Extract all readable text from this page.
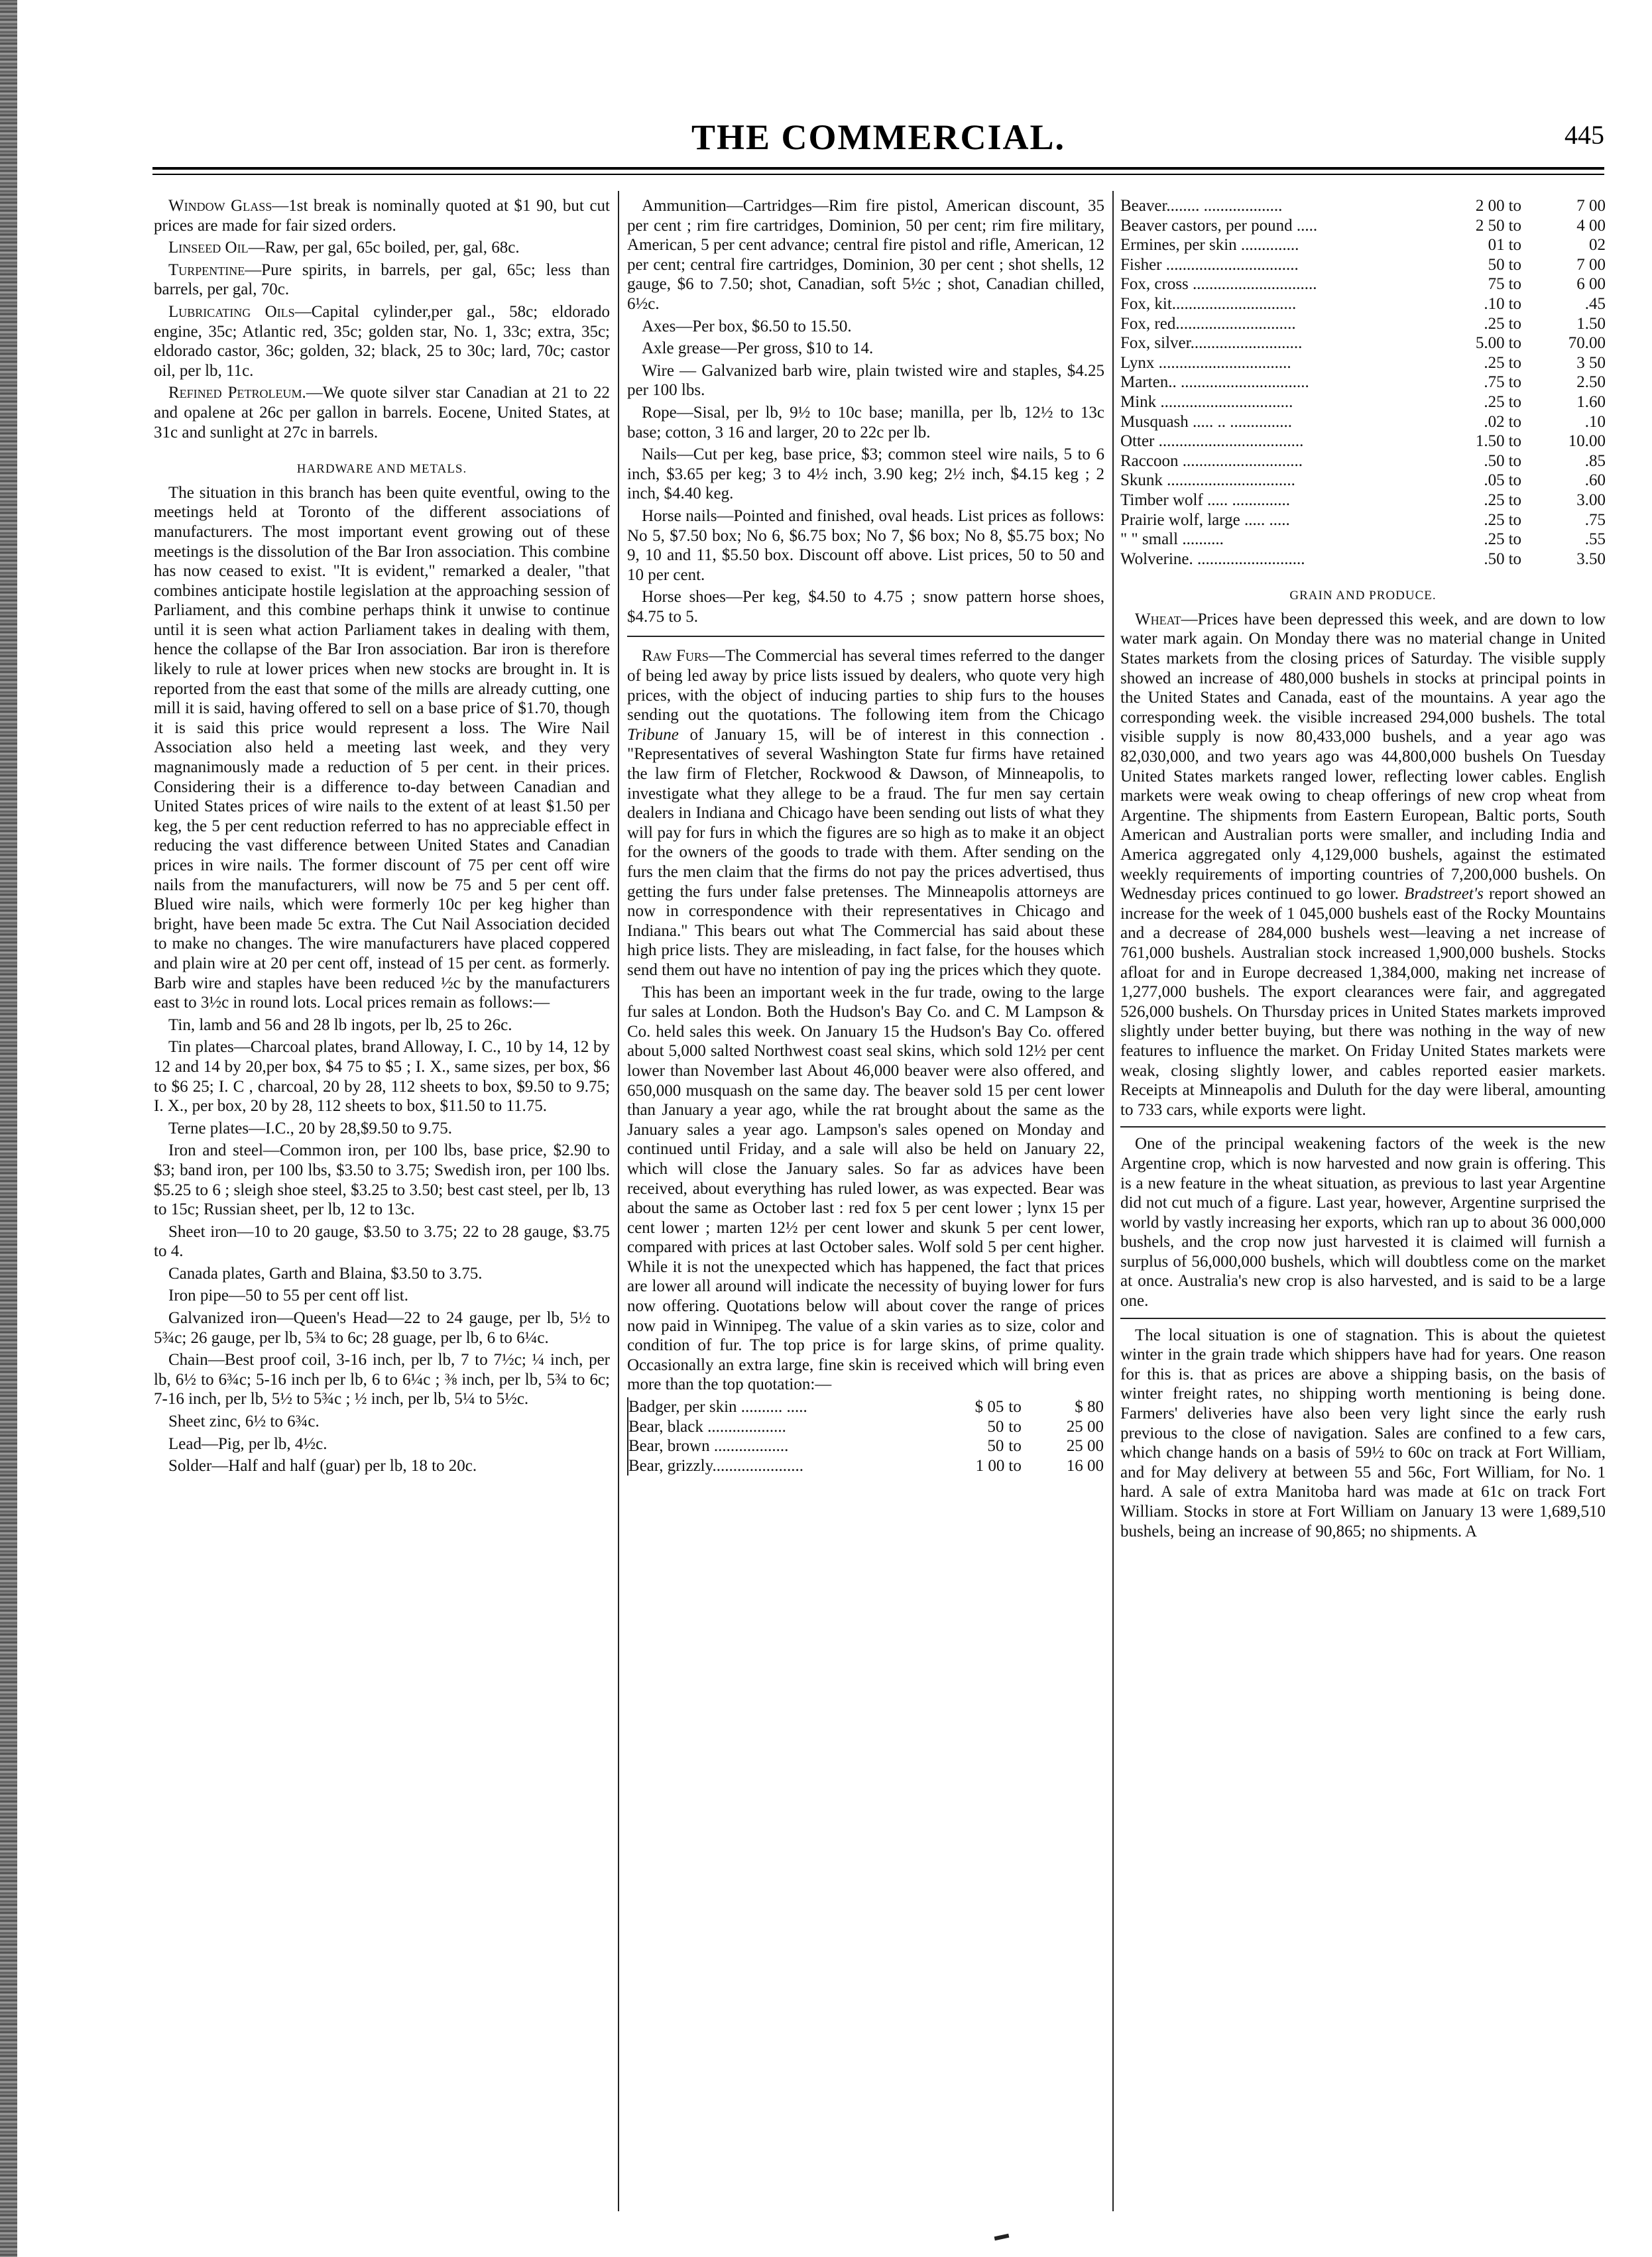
THE COMMERCIAL.	445

Window Glass—1st break is nominally quoted at $1 90, but cut prices are made for fair sized orders.

Linseed Oil—Raw, per gal, 65c boiled, per, gal, 68c.

Turpentine—Pure spirits, in barrels, per gal, 65c; less than barrels, per gal, 70c.

Lubricating Oils—Capital cylinder,per gal., 58c; eldorado engine, 35c; Atlantic red, 35c; golden star, No. 1, 33c; extra, 35c; eldorado castor, 36c; golden, 32; black, 25 to 30c; lard, 70c; castor oil, per lb, 11c.

Refined Petroleum.—We quote silver star Canadian at 21 to 22 and opalene at 26c per gallon in barrels. Eocene, United States, at 31c and sunlight at 27c in barrels.

HARDWARE AND METALS.

The situation in this branch has been quite eventful, owing to the meetings held at Toronto of the different associations of manufacturers. The most important event growing out of these meetings is the dissolution of the Bar Iron association. This combine has now ceased to exist. "It is evident," remarked a dealer, "that combines anticipate hostile legislation at the approaching session of Parliament, and this combine perhaps think it unwise to continue until it is seen what action Parliament takes in dealing with them, hence the collapse of the Bar Iron association. Bar iron is therefore likely to rule at lower prices when new stocks are brought in. It is reported from the east that some of the mills are already cutting, one mill it is said, having offered to sell on a base price of $1.70, though it is said this price would represent a loss. The Wire Nail Association also held a meeting last week, and they very magnanimously made a reduction of 5 per cent. in their prices. Considering their is a difference to-day between Canadian and United States prices of wire nails to the extent of at least $1.50 per keg, the 5 per cent reduction referred to has no appreciable effect in reducing the vast difference between United States and Canadian prices in wire nails. The former discount of 75 per cent off wire nails from the manufacturers, will now be 75 and 5 per cent off. Blued wire nails, which were formerly 10c per keg higher than bright, have been made 5c extra. The Cut Nail Association decided to make no changes. The wire manufacturers have placed coppered and plain wire at 20 per cent off, instead of 15 per cent. as formerly. Barb wire and staples have been reduced ½c by the manufacturers east to 3½c in round lots. Local prices remain as follows:—

Tin, lamb and 56 and 28 lb ingots, per lb, 25 to 26c.

Tin plates—Charcoal plates, brand Alloway, I. C., 10 by 14, 12 by 12 and 14 by 20,per box, $4 75 to $5 ; I. X., same sizes, per box, $6 to $6 25; I. C , charcoal, 20 by 28, 112 sheets to box, $9.50 to 9.75; I. X., per box, 20 by 28, 112 sheets to box, $11.50 to 11.75.

Terne plates—I.C., 20 by 28,$9.50 to 9.75.

Iron and steel—Common iron, per 100 lbs, base price, $2.90 to $3; band iron, per 100 lbs, $3.50 to 3.75; Swedish iron, per 100 lbs. $5.25 to 6 ; sleigh shoe steel, $3.25 to 3.50; best cast steel, per lb, 13 to 15c; Russian sheet, per lb, 12 to 13c.

Sheet iron—10 to 20 gauge, $3.50 to 3.75; 22 to 28 gauge, $3.75 to 4.

Canada plates, Garth and Blaina, $3.50 to 3.75.

Iron pipe—50 to 55 per cent off list.

Galvanized iron—Queen's Head—22 to 24 gauge, per lb, 5½ to 5¾c; 26 gauge, per lb, 5¾ to 6c; 28 guage, per lb, 6 to 6¼c.

Chain—Best proof coil, 3-16 inch, per lb, 7 to 7½c; ¼ inch, per lb, 6½ to 6¾c; 5-16 inch per lb, 6 to 6¼c ; ⅜ inch, per lb, 5¾ to 6c; 7-16 inch, per lb, 5½ to 5¾c ; ½ inch, per lb, 5¼ to 5½c.

Sheet zinc, 6½ to 6¾c.

Lead—Pig, per lb, 4½c.

Solder—Half and half (guar) per lb, 18 to 20c.

Ammunition—Cartridges—Rim fire pistol, American discount, 35 per cent ; rim fire cartridges, Dominion, 50 per cent; rim fire military, American, 5 per cent advance; central fire pistol and rifle, American, 12 per cent; central fire cartridges, Dominion, 30 per cent ; shot shells, 12 gauge, $6 to 7.50; shot, Canadian, soft 5½c ; shot, Canadian chilled, 6½c.

Axes—Per box, $6.50 to 15.50.

Axle grease—Per gross, $10 to 14.

Wire — Galvanized barb wire, plain twisted wire and staples, $4.25 per 100 lbs.

Rope—Sisal, per lb, 9½ to 10c base; manilla, per lb, 12½ to 13c base; cotton, 3 16 and larger, 20 to 22c per lb.

Nails—Cut per keg, base price, $3; common steel wire nails, 5 to 6 inch, $3.65 per keg; 3 to 4½ inch, 3.90 keg; 2½ inch, $4.15 keg ; 2 inch, $4.40 keg.

Horse nails—Pointed and finished, oval heads. List prices as follows: No 5, $7.50 box; No 6, $6.75 box; No 7, $6 box; No 8, $5.75 box; No 9, 10 and 11, $5.50 box. Discount off above. List prices, 50 to 50 and 10 per cent.

Horse shoes—Per keg, $4.50 to 4.75 ; snow pattern horse shoes, $4.75 to 5.

Raw Furs—The Commercial has several times referred to the danger of being led away by price lists issued by dealers, who quote very high prices, with the object of inducing parties to ship furs to the houses sending out the quotations. The following item from the Chicago Tribune of January 15, will be of interest in this connection . "Representatives of several Washington State fur firms have retained the law firm of Fletcher, Rockwood & Dawson, of Minneapolis, to investigate what they allege to be a fraud. The fur men say certain dealers in Indiana and Chicago have been sending out lists of what they will pay for furs in which the figures are so high as to make it an object for the owners of the goods to trade with them. After sending on the furs the men claim that the firms do not pay the prices advertised, thus getting the furs under false pretenses. The Minneapolis attorneys are now in correspondence with their representatives in Chicago and Indiana." This bears out what The Commercial has said about these high price lists. They are misleading, in fact false, for the houses which send them out have no intention of pay ing the prices which they quote.

This has been an important week in the fur trade, owing to the large fur sales at London. Both the Hudson's Bay Co. and C. M Lampson & Co. held sales this week. On January 15 the Hudson's Bay Co. offered about 5,000 salted Northwest coast seal skins, which sold 12½ per cent lower than November last About 46,000 beaver were also offered, and 650,000 musquash on the same day. The beaver sold 15 per cent lower than January a year ago, while the rat brought about the same as the January sales a year ago. Lampson's sales opened on Monday and continued until Friday, and a sale will also be held on January 22, which will close the January sales. So far as advices have been received, about everything has ruled lower, as was expected. Bear was about the same as October last : red fox 5 per cent lower ; lynx 15 per cent lower ; marten 12½ per cent lower and skunk 5 per cent lower, compared with prices at last October sales. Wolf sold 5 per cent higher. While it is not the unexpected which has happened, the fact that prices are lower all around will indicate the necessity of buying lower for furs now offering. Quotations below will about cover the range of prices now paid in Winnipeg. The value of a skin varies as to size, color and condition of fur. The top price is for large skins, of prime quality. Occasionally an extra large, fine skin is received which will bring even more than the top quotation:—

Badger, per skin .......... .....	$ 05	to	$ 80
Bear, black ...................	50	to	25 00
Bear, brown ..................	50	to	25 00
Bear, grizzly......................	1 00	to	16 00
Beaver........ ...................	2 00	to	7 00
Beaver castors, per pound .....	2 50	to	4 00
Ermines, per skin ..............	01	to	02
Fisher ................................	50	to	7 00
Fox, cross ..............................	75	to	6 00
Fox, kit..............................	.10	to	.45
Fox, red.............................	.25	to	1.50
Fox, silver...........................	5.00	to	70.00
Lynx ................................	.25	to	3 50
Marten.. ...............................	.75	to	2.50
Mink ................................	.25	to	1.60
Musquash ..... .. ...............	.02	to	.10
Otter ...................................	1.50	to	10.00
Raccoon .............................	.50	to	.85
Skunk ...............................	.05	to	.60
Timber wolf ..... ..............	.25	to	3.00
Prairie wolf, large ..... .....	.25	to	.75
" " small ..........	.25	to	.55
Wolverine. ..........................	.50	to	3.50

GRAIN AND PRODUCE.

Wheat—Prices have been depressed this week, and are down to low water mark again. On Monday there was no material change in United States markets from the closing prices of Saturday. The visible supply showed an increase of 480,000 bushels in stocks at principal points in the United States and Canada, east of the mountains. A year ago the corresponding week. the visible increased 294,000 bushels. The total visible supply is now 80,433,000 bushels, and a year ago was 82,030,000, and two years ago was 44,800,000 bushels On Tuesday United States markets ranged lower, reflecting lower cables. English markets were weak owing to cheap offerings of new crop wheat from Argentine. The shipments from Eastern European, Baltic ports, South American and Australian ports were smaller, and including India and America aggregated only 4,129,000 bushels, against the estimated weekly requirements of importing countries of 7,200,000 bushels. On Wednesday prices continued to go lower. Bradstreet's report showed an increase for the week of 1 045,000 bushels east of the Rocky Mountains and a decrease of 284,000 bushels west—leaving a net increase of 761,000 bushels. Australian stock increased 1,900,000 bushels. Stocks afloat for and in Europe decreased 1,384,000, making net increase of 1,277,000 bushels. The export clearances were fair, and aggregated 526,000 bushels. On Thursday prices in United States markets improved slightly under better buying, but there was nothing in the way of new features to influence the market. On Friday United States markets were weak, closing slightly lower, and cables reported easier markets. Receipts at Minneapolis and Duluth for the day were liberal, amounting to 733 cars, while exports were light.

One of the principal weakening factors of the week is the new Argentine crop, which is now harvested and now grain is offering. This is a new feature in the wheat situation, as previous to last year Argentine did not cut much of a figure. Last year, however, Argentine surprised the world by vastly increasing her exports, which ran up to about 36 000,000 bushels, and the crop now just harvested it is claimed will furnish a surplus of 56,000,000 bushels, which will doubtless come on the market at once. Australia's new crop is also harvested, and is said to be a large one.

The local situation is one of stagnation. This is about the quietest winter in the grain trade which shippers have had for years. One reason for this is. that as prices are above a shipping basis, on the basis of winter freight rates, no shipping worth mentioning is being done. Farmers' deliveries have also been very light since the early rush previous to the close of navigation. Sales are confined to a few cars, which change hands on a basis of 59½ to 60c on track at Fort William, and for May delivery at between 55 and 56c, Fort William, for No. 1 hard. A sale of extra Manitoba hard was made at 61c on track Fort William. Stocks in store at Fort William on January 13 were 1,689,510 bushels, being an increase of 90,865; no shipments. A
